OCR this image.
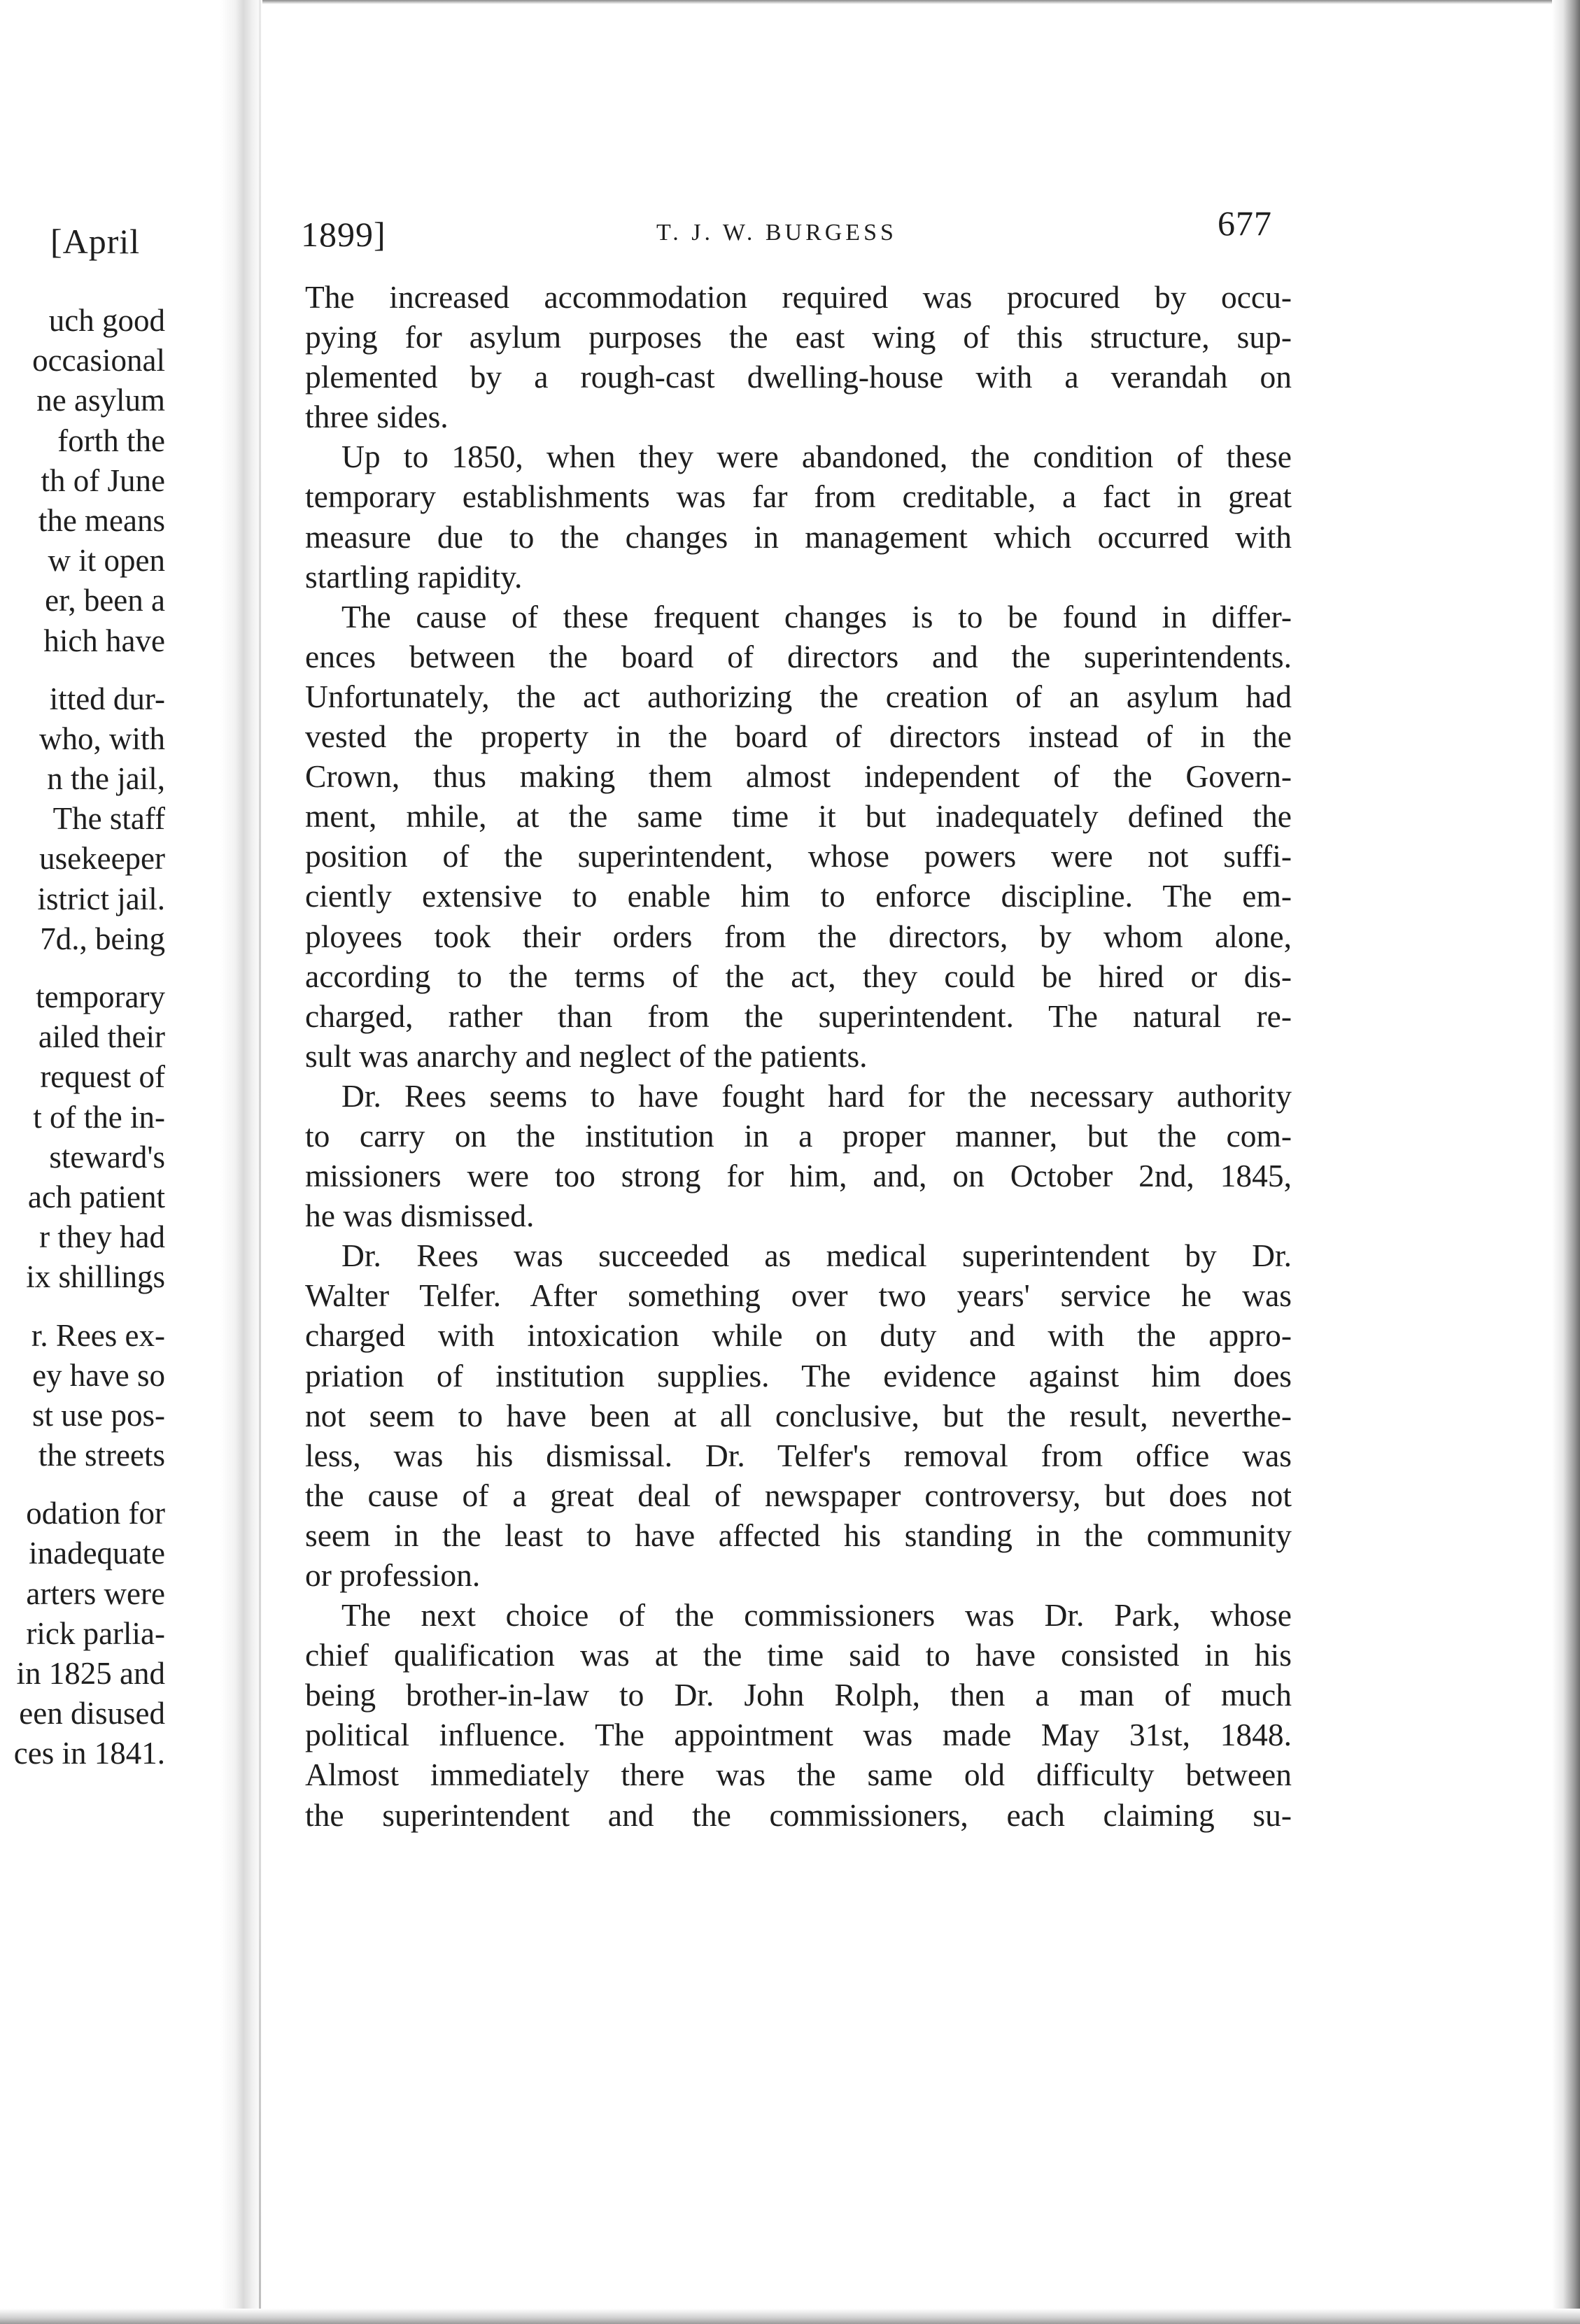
[April
uch good
occasional
ne asylum
forth the
th of June
the means
w it open
er, been a
hich have
itted dur-
who, with
n the jail,
The staff
usekeeper
istrict jail.
7d., being
temporary
ailed their
request of
t of the in-
steward's
ach patient
r they had
ix shillings
r. Rees ex-
ey have so
st use pos-
the streets
odation for
inadequate
arters were
rick parlia-
in 1825 and
een disused
ces in 1841.
1899]	T. J. W. BURGESS	677
The increased accommodation required was procured by occu-
pying for asylum purposes the east wing of this structure, sup-
plemented by a rough-cast dwelling-house with a verandah on
three sides.
Up to 1850, when they were abandoned, the condition of these
temporary establishments was far from creditable, a fact in great
measure due to the changes in management which occurred with
startling rapidity.
The cause of these frequent changes is to be found in differ-
ences between the board of directors and the superintendents.
Unfortunately, the act authorizing the creation of an asylum had
vested the property in the board of directors instead of in the
Crown, thus making them almost independent of the Govern-
ment, mhile, at the same time it but inadequately defined the
position of the superintendent, whose powers were not suffi-
ciently extensive to enable him to enforce discipline. The em-
ployees took their orders from the directors, by whom alone,
according to the terms of the act, they could be hired or dis-
charged, rather than from the superintendent. The natural re-
sult was anarchy and neglect of the patients.
Dr. Rees seems to have fought hard for the necessary authority
to carry on the institution in a proper manner, but the com-
missioners were too strong for him, and, on October 2nd, 1845,
he was dismissed.
Dr. Rees was succeeded as medical superintendent by Dr.
Walter Telfer. After something over two years' service he was
charged with intoxication while on duty and with the appro-
priation of institution supplies. The evidence against him does
not seem to have been at all conclusive, but the result, neverthe-
less, was his dismissal. Dr. Telfer's removal from office was
the cause of a great deal of newspaper controversy, but does not
seem in the least to have affected his standing in the community
or profession.
The next choice of the commissioners was Dr. Park, whose
chief qualification was at the time said to have consisted in his
being brother-in-law to Dr. John Rolph, then a man of much
political influence. The appointment was made May 31st, 1848.
Almost immediately there was the same old difficulty between
the superintendent and the commissioners, each claiming su-
